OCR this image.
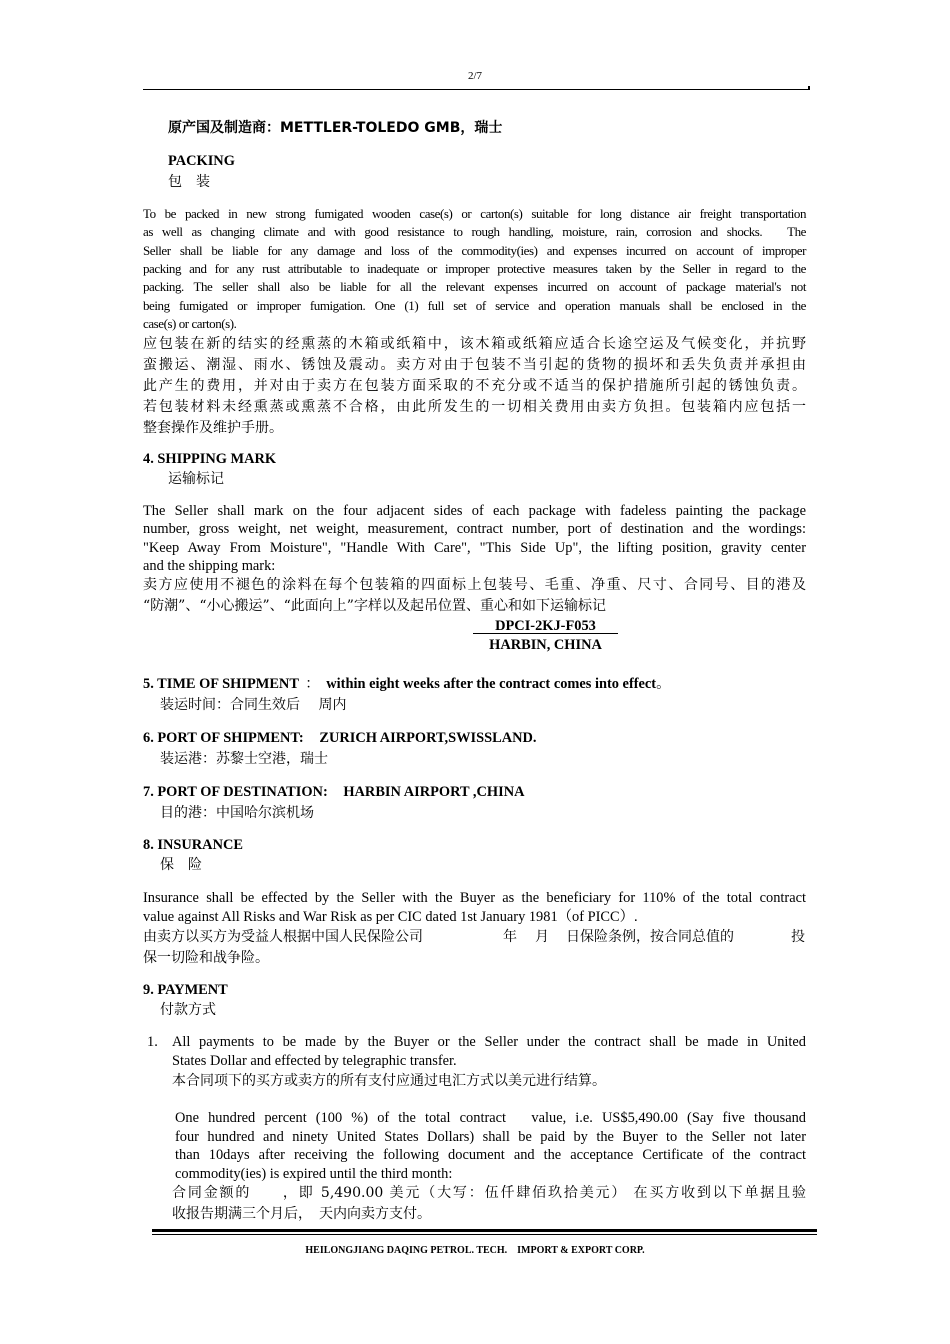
2/7
原产国及制造商：METTLER-TOLEDO GMB，瑞士
PACKING
包　装
To be packed in new strong fumigated wooden case(s) or carton(s) suitable for long distance air freight transportation
as well as changing climate and with good resistance to rough handling, moisture, rain, corrosion and shocks.　The
Seller shall be liable for any damage and loss of the commodity(ies) and expenses incurred on account of improper
packing and for any rust attributable to inadequate or improper protective measures taken by the Seller in regard to the
packing. The seller shall also be liable for all the relevant expenses incurred on account of package material's not
being fumigated or improper fumigation. One (1) full set of service and operation manuals shall be enclosed in the
case(s) or carton(s).
应包装在新的结实的经熏蒸的木箱或纸箱中，该木箱或纸箱应适合长途空运及气候变化，并抗野
蛮搬运、潮湿、雨水、锈蚀及震动。卖方对由于包装不当引起的货物的损坏和丢失负责并承担由
此产生的费用，并对由于卖方在包装方面采取的不充分或不适当的保护措施所引起的锈蚀负责。
若包装材料未经熏蒸或熏蒸不合格，由此所发生的一切相关费用由卖方负担。包装箱内应包括一
整套操作及维护手册。
4. SHIPPING MARK
运输标记
The Seller shall mark on the four adjacent sides of each package with fadeless painting the package
number, gross weight, net weight, measurement, contract number, port of destination and the wordings:
"Keep Away From Moisture", "Handle With Care", "This Side Up", the lifting position, gravity center
and the shipping mark:
卖方应使用不褪色的涂料在每个包装箱的四面标上包装号、毛重、净重、尺寸、合同号、目的港及
“防潮”、“小心搬运”、“此面向上”字样以及起吊位置、重心和如下运输标记
DPCI-2KJ-F053
HARBIN, CHINA
5. TIME OF SHIPMENT ： within eight weeks after the contract comes into effect。
装运时间：合同生效后　 周内
6. PORT OF SHIPMENT: ZURICH AIRPORT,SWISSLAND.
装运港：苏黎士空港，瑞士
7. PORT OF DESTINATION: HARBIN AIRPORT ,CHINA
目的港：中国哈尔滨机场
8. INSURANCE
保　险
Insurance shall be effected by the Seller with the Buyer as the beneficiary for 110% of the total contract
value against All Risks and War Risk as per CIC dated 1st January 1981（of PICC）.
由卖方以买方为受益人根据中国人民保险公司	年 月 日保险条例，按合同总值的	投
保一切险和战争险。
9. PAYMENT
付款方式
1. All payments to be made by the Buyer or the Seller under the contract shall be made in United
States Dollar and effected by telegraphic transfer.
本合同项下的买方或卖方的所有支付应通过电汇方式以美元进行结算。
One hundred percent (100 %) of the total contract　value, i.e. US$5,490.00 (Say five thousand
four hundred and ninety United States Dollars) shall be paid by the Buyer to the Seller not later
than 10days after receiving the following document and the acceptance Certificate of the contract
commodity(ies) is expired until the third month:
合同金额的　　，即 5,490.00 美元（大写：伍仟肆佰玖拾美元） 在买方收到以下单据且验
收报告期满三个月后，　天内向卖方支付。
HEILONGJIANG DAQING PETROL. TECH.　IMPORT & EXPORT CORP.
